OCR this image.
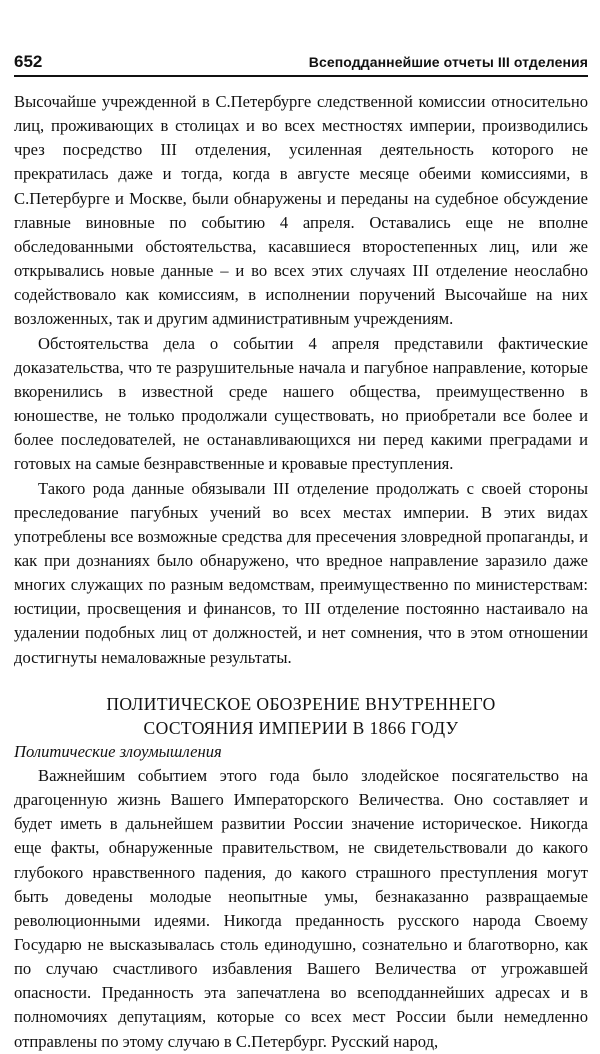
652	Всеподданнейшие отчеты III отделения

Высочайше учрежденной в С.Петербурге следственной комиссии относительно лиц, проживающих в столицах и во всех местностях империи, производились чрез посредство III отделения, усиленная деятельность которого не прекратилась даже и тогда, когда в августе месяце обеими комиссиями, в С.Петербурге и Москве, были обнаружены и переданы на судебное обсуждение главные виновные по событию 4 апреля. Оставались еще не вполне обследованными обстоятельства, касавшиеся второстепенных лиц, или же открывались новые данные – и во всех этих случаях III отделение неослабно содействовало как комиссиям, в исполнении поручений Высочайше на них возложенных, так и другим административным учреждениям.

Обстоятельства дела о событии 4 апреля представили фактические доказательства, что те разрушительные начала и пагубное направление, которые вкоренились в известной среде нашего общества, преимущественно в юношестве, не только продолжали существовать, но приобретали все более и более последователей, не останавливающихся ни перед какими преградами и готовых на самые безнравственные и кровавые преступления.

Такого рода данные обязывали III отделение продолжать с своей стороны преследование пагубных учений во всех местах империи. В этих видах употреблены все возможные средства для пресечения зловредной пропаганды, и как при дознаниях было обнаружено, что вредное направление заразило даже многих служащих по разным ведомствам, преимущественно по министерствам: юстиции, просвещения и финансов, то III отделение постоянно настаивало на удалении подобных лиц от должностей, и нет сомнения, что в этом отношении достигнуты немаловажные результаты.

ПОЛИТИЧЕСКОЕ ОБОЗРЕНИЕ ВНУТРЕННЕГО
СОСТОЯНИЯ ИМПЕРИИ В 1866 ГОДУ

Политические злоумышления

Важнейшим событием этого года было злодейское посягательство на драгоценную жизнь Вашего Императорского Величества. Оно составляет и будет иметь в дальнейшем развитии России значение историческое. Никогда еще факты, обнаруженные правительством, не свидетельствовали до какого глубокого нравственного падения, до какого страшного преступления могут быть доведены молодые неопытные умы, безнаказанно развращаемые революционными идеями. Никогда преданность русского народа Своему Государю не высказывалась столь единодушно, сознательно и благотворно, как по случаю счастливого избавления Вашего Величества от угрожавшей опасности. Преданность эта запечатлена во всеподданнейших адресах и в полномочиях депутациям, которые со всех мест России были немедленно отправлены по этому случаю в С.Петербург. Русский народ,
